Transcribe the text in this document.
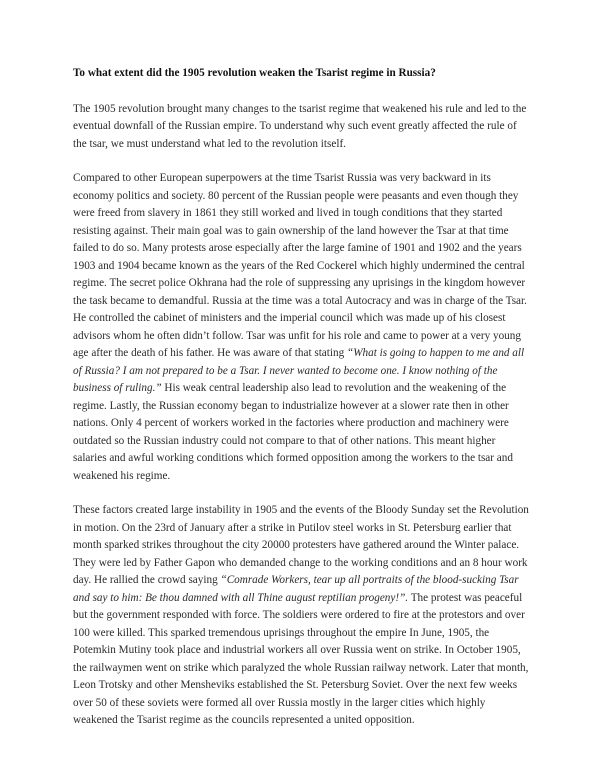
To what extent did the 1905 revolution weaken the Tsarist regime in Russia?

The 1905 revolution brought many changes to the tsarist regime that weakened his rule and led to the eventual downfall of the Russian empire. To understand why such event greatly affected the rule of the tsar, we must understand what led to the revolution itself.

Compared to other European superpowers at the time Tsarist Russia was very backward in its economy politics and society. 80 percent of the Russian people were peasants and even though they were freed from slavery in 1861 they still worked and lived in tough conditions that they started resisting against. Their main goal was to gain ownership of the land however the Tsar at that time failed to do so. Many protests arose especially after the large famine of 1901 and 1902 and the years 1903 and 1904 became known as the years of the Red Cockerel which highly undermined the central regime. The secret police Okhrana had the role of suppressing any uprisings in the kingdom however the task became to demandful. Russia at the time was a total Autocracy and was in charge of the Tsar. He controlled the cabinet of ministers and the imperial council which was made up of his closest advisors whom he often didn’t follow. Tsar was unfit for his role and came to power at a very young age after the death of his father. He was aware of that stating “What is going to happen to me and all of Russia? I am not prepared to be a Tsar. I never wanted to become one. I know nothing of the business of ruling.” His weak central leadership also lead to revolution and the weakening of the regime. Lastly, the Russian economy began to industrialize however at a slower rate then in other nations. Only 4 percent of workers worked in the factories where production and machinery were outdated so the Russian industry could not compare to that of other nations. This meant higher salaries and awful working conditions which formed opposition among the workers to the tsar and weakened his regime.

These factors created large instability in 1905 and the events of the Bloody Sunday set the Revolution in motion. On the 23rd of January after a strike in Putilov steel works in St. Petersburg earlier that month sparked strikes throughout the city 20000 protesters have gathered around the Winter palace. They were led by Father Gapon who demanded change to the working conditions and an 8 hour work day. He rallied the crowd saying “Comrade Workers, tear up all portraits of the blood-sucking Tsar and say to him: Be thou damned with all Thine august reptilian progeny!”. The protest was peaceful but the government responded with force. The soldiers were ordered to fire at the protestors and over 100 were killed. This sparked tremendous uprisings throughout the empire In June, 1905, the Potemkin Mutiny took place and industrial workers all over Russia went on strike. In October 1905, the railwaymen went on strike which paralyzed the whole Russian railway network. Later that month, Leon Trotsky and other Mensheviks established the St. Petersburg Soviet. Over the next few weeks over 50 of these soviets were formed all over Russia mostly in the larger cities which highly weakened the Tsarist regime as the councils represented a united opposition.
